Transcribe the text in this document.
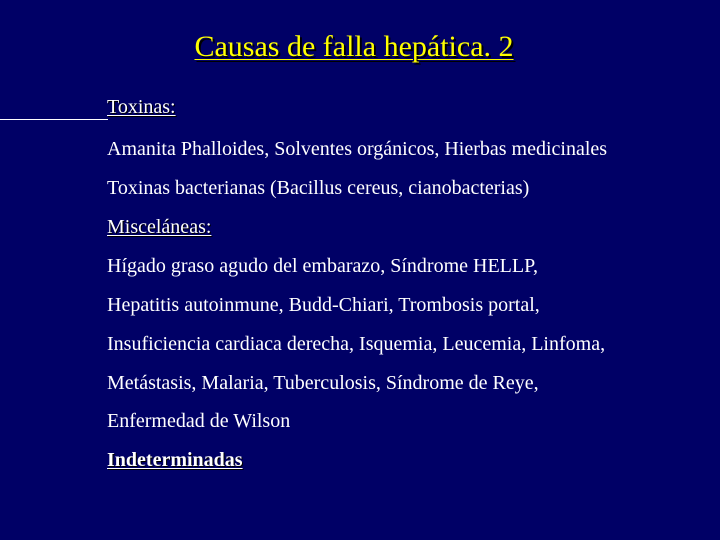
Causas de falla hepática. 2
Toxinas:
Amanita Phalloides, Solventes orgánicos, Hierbas medicinales
Toxinas bacterianas (Bacillus cereus, cianobacterias)
Misceláneas:
Hígado graso agudo del embarazo, Síndrome HELLP,
Hepatitis autoinmune, Budd-Chiari, Trombosis portal,
Insuficiencia cardiaca derecha, Isquemia, Leucemia, Linfoma,
Metástasis, Malaria, Tuberculosis, Síndrome de Reye,
Enfermedad de Wilson
Indeterminadas
